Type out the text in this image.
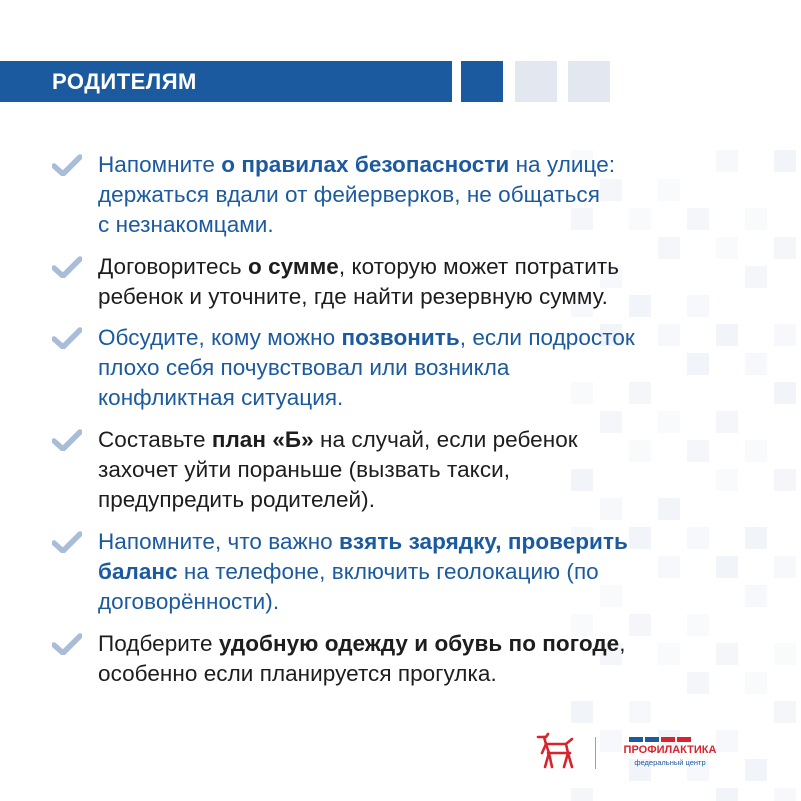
РОДИТЕЛЯМ
Напомните о правилах безопасности на улице:
держаться вдали от фейерверков, не общаться
с незнакомцами.
Договоритесь о сумме, которую может потратить
ребенок и уточните, где найти резервную сумму.
Обсудите, кому можно позвонить, если подросток
плохо себя почувствовал или возникла
конфликтная ситуация.
Составьте план «Б» на случай, если ребенок
захочет уйти пораньше (вызвать такси,
предупредить родителей).
Напомните, что важно взять зарядку, проверить
баланс на телефоне, включить геолокацию (по
договорённости).
Подберите удобную одежду и обувь по погоде,
особенно если планируется прогулка.
ПРОФИЛАКТИКА
федеральный центр
